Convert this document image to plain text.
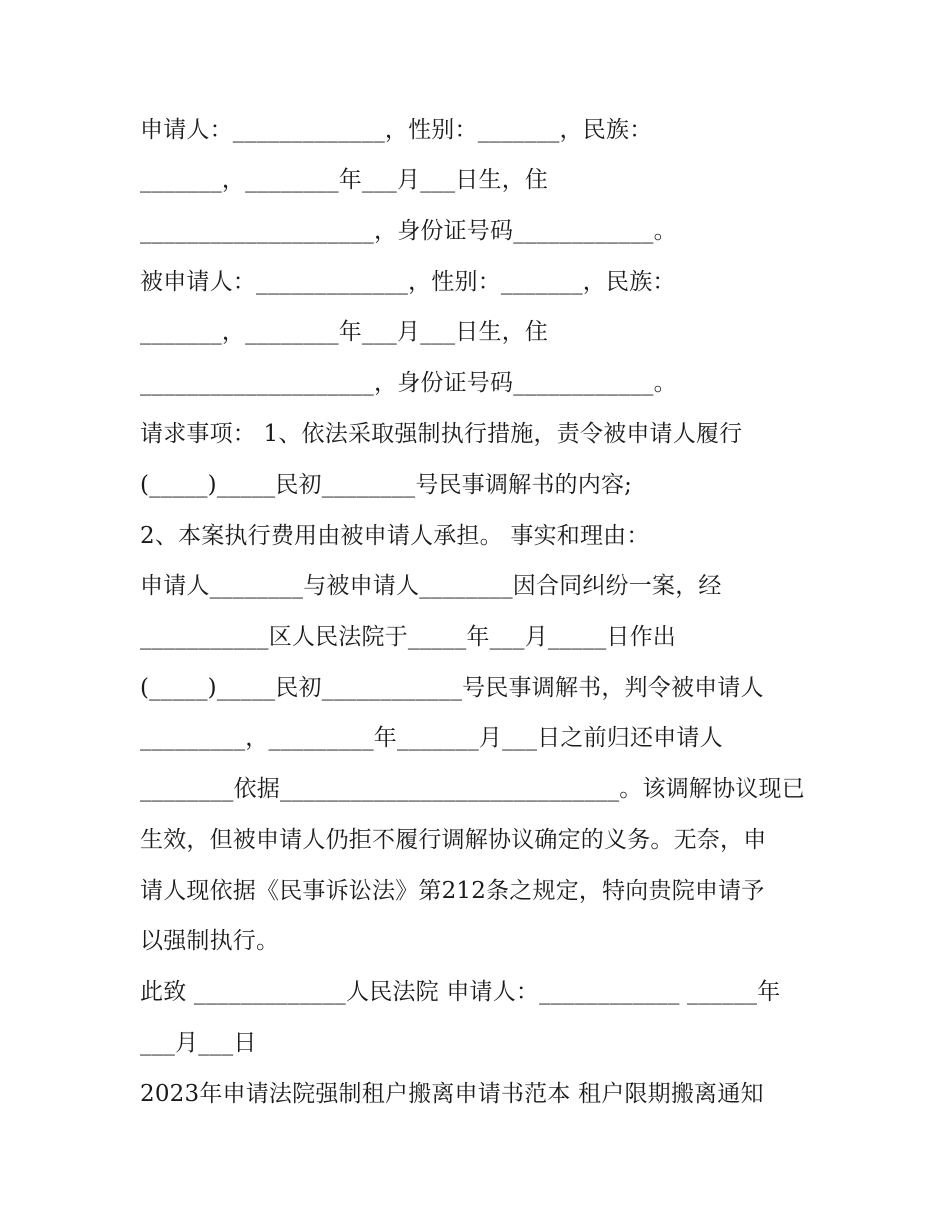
申请人：_____________，性别：_______，民族：

_______，________年___月___日生，住

____________________，身份证号码____________。

被申请人：_____________，性别：_______，民族：

_______，________年___月___日生，住

____________________，身份证号码____________。

请求事项： 1、依法采取强制执行措施，责令被申请人履行

(_____)_____民初________号民事调解书的内容;

2、本案执行费用由被申请人承担。 事实和理由：

申请人________与被申请人________因合同纠纷一案，经

___________区人民法院于_____年___月_____日作出

(_____)_____民初____________号民事调解书，判令被申请人

_________，_________年_______月___日之前归还申请人

________依据_____________________________。该调解协议现已

生效，但被申请人仍拒不履行调解协议确定的义务。无奈，申

请人现依据《民事诉讼法》第212条之规定，特向贵院申请予

以强制执行。

此致 _____________人民法院 申请人：____________ ______年

___月___日

2023年申请法院强制租户搬离申请书范本 租户限期搬离通知
